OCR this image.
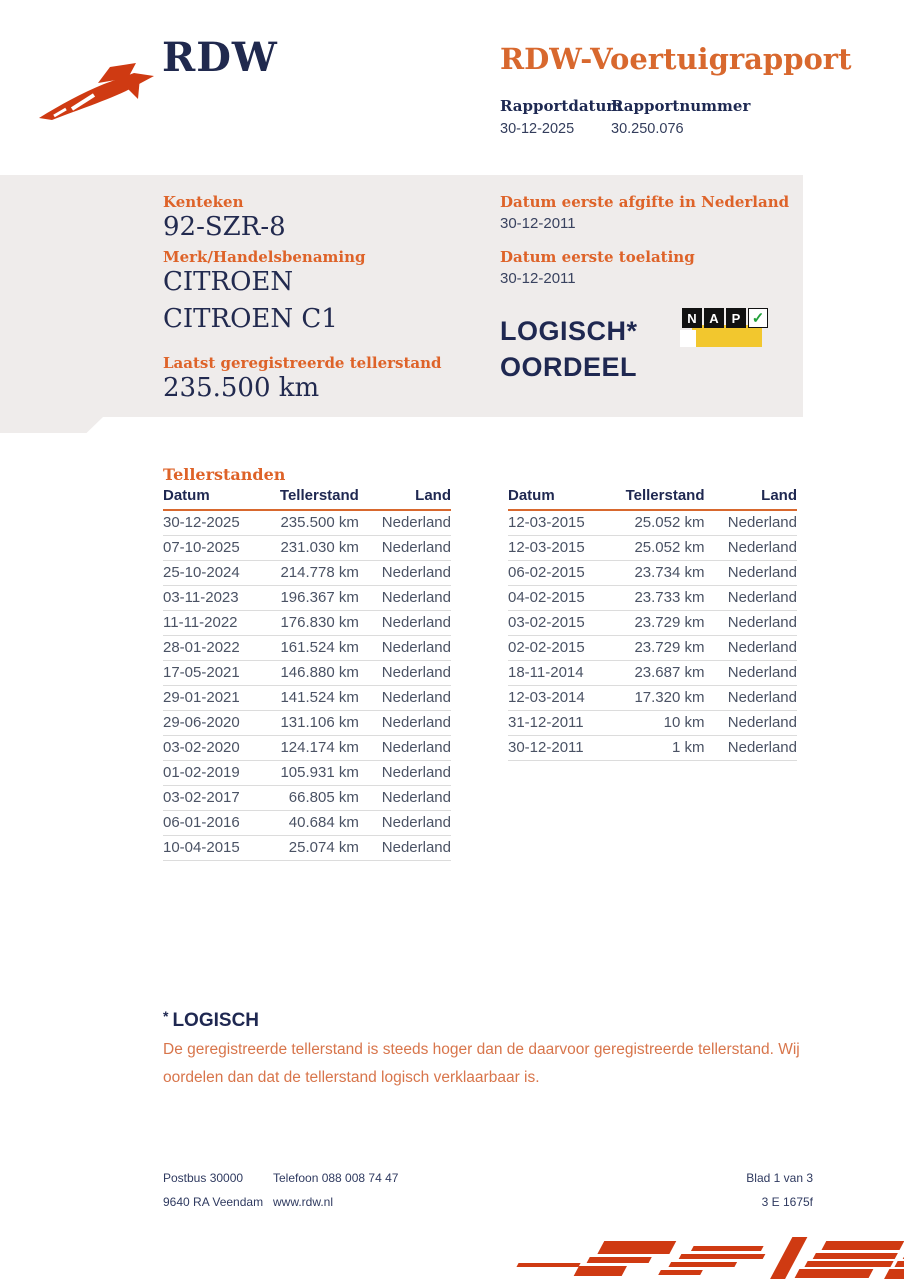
RDW	RDW-Voertuigrapport
Rapportdatum
30-12-2025
Rapportnummer
30.250.076
Kenteken
92-SZR-8
Merk/Handelsbenaming
CITROEN CITROEN C1
Laatst geregistreerde tellerstand
235.500 km
Datum eerste afgifte in Nederland
30-12-2011
Datum eerste toelating
30-12-2011
LOGISCH*
OORDEEL
N A P ✓
Tellerstanden
Datum	Tellerstand	Land
30-12-2025	235.500 km	Nederland
07-10-2025	231.030 km	Nederland
25-10-2024	214.778 km	Nederland
03-11-2023	196.367 km	Nederland
11-11-2022	176.830 km	Nederland
28-01-2022	161.524 km	Nederland
17-05-2021	146.880 km	Nederland
29-01-2021	141.524 km	Nederland
29-06-2020	131.106 km	Nederland
03-02-2020	124.174 km	Nederland
01-02-2019	105.931 km	Nederland
03-02-2017	66.805 km	Nederland
06-01-2016	40.684 km	Nederland
10-04-2015	25.074 km	Nederland
Datum	Tellerstand	Land
12-03-2015	25.052 km	Nederland
12-03-2015	25.052 km	Nederland
06-02-2015	23.734 km	Nederland
04-02-2015	23.733 km	Nederland
03-02-2015	23.729 km	Nederland
02-02-2015	23.729 km	Nederland
18-11-2014	23.687 km	Nederland
12-03-2014	17.320 km	Nederland
31-12-2011	10 km	Nederland
30-12-2011	1 km	Nederland
* LOGISCH
De geregistreerde tellerstand is steeds hoger dan de daarvoor geregistreerde tellerstand. Wij oordelen dan dat de tellerstand logisch verklaarbaar is.
Postbus 30000
9640 RA Veendam
Telefoon 088 008 74 47
www.rdw.nl
Blad 1 van 3
3 E 1675f
